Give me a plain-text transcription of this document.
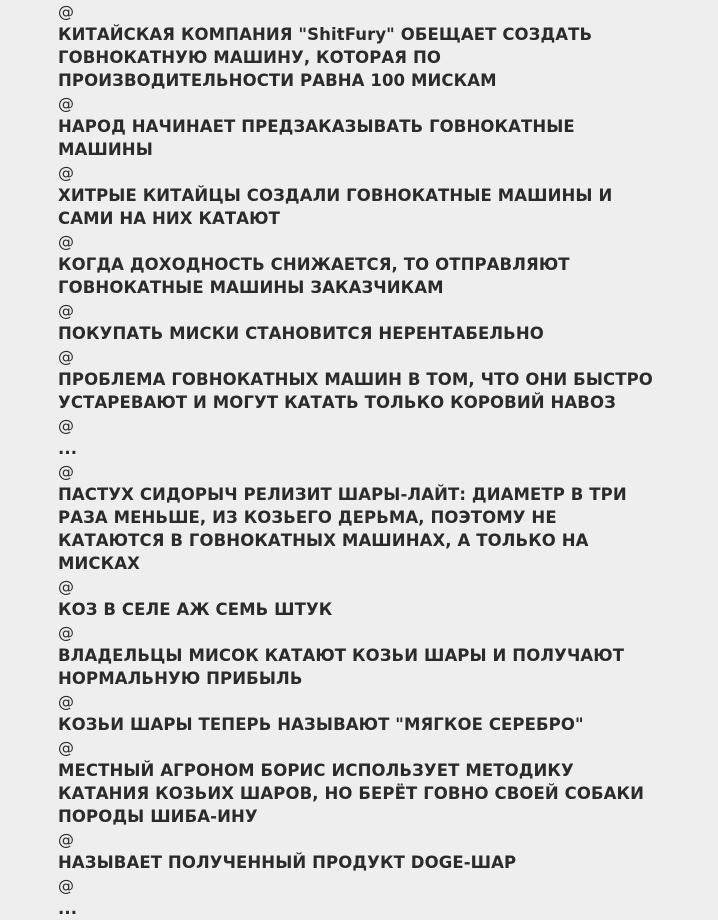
@
КИТАЙСКАЯ КОМПАНИЯ "ShitFury" ОБЕЩАЕТ СОЗДАТЬ
ГОВНОКАТНУЮ МАШИНУ, КОТОРАЯ ПО
ПРОИЗВОДИТЕЛЬНОСТИ РАВНА 100 МИСКАМ
@
НАРОД НАЧИНАЕТ ПРЕДЗАКАЗЫВАТЬ ГОВНОКАТНЫЕ
МАШИНЫ
@
ХИТРЫЕ КИТАЙЦЫ СОЗДАЛИ ГОВНОКАТНЫЕ МАШИНЫ И
САМИ НА НИХ КАТАЮТ
@
КОГДА ДОХОДНОСТЬ СНИЖАЕТСЯ, ТО ОТПРАВЛЯЮТ
ГОВНОКАТНЫЕ МАШИНЫ ЗАКАЗЧИКАМ
@
ПОКУПАТЬ МИСКИ СТАНОВИТСЯ НЕРЕНТАБЕЛЬНО
@
ПРОБЛЕМА ГОВНОКАТНЫХ МАШИН В ТОМ, ЧТО ОНИ БЫСТРО
УСТАРЕВАЮТ И МОГУТ КАТАТЬ ТОЛЬКО КОРОВИЙ НАВОЗ
@
...
@
ПАСТУХ СИДОРЫЧ РЕЛИЗИТ ШАРЫ-ЛАЙТ: ДИАМЕТР В ТРИ
РАЗА МЕНЬШЕ, ИЗ КОЗЬЕГО ДЕРЬМА, ПОЭТОМУ НЕ
КАТАЮТСЯ В ГОВНОКАТНЫХ МАШИНАХ, А ТОЛЬКО НА
МИСКАХ
@
КОЗ В СЕЛЕ АЖ СЕМЬ ШТУК
@
ВЛАДЕЛЬЦЫ МИСОК КАТАЮТ КОЗЬИ ШАРЫ И ПОЛУЧАЮТ
НОРМАЛЬНУЮ ПРИБЫЛЬ
@
КОЗЬИ ШАРЫ ТЕПЕРЬ НАЗЫВАЮТ "МЯГКОЕ СЕРЕБРО"
@
МЕСТНЫЙ АГРОНОМ БОРИС ИСПОЛЬЗУЕТ МЕТОДИКУ
КАТАНИЯ КОЗЬИХ ШАРОВ, НО БЕРЁТ ГОВНО СВОЕЙ СОБАКИ
ПОРОДЫ ШИБА-ИНУ
@
НАЗЫВАЕТ ПОЛУЧЕННЫЙ ПРОДУКТ DOGE-ШАР
@
...
